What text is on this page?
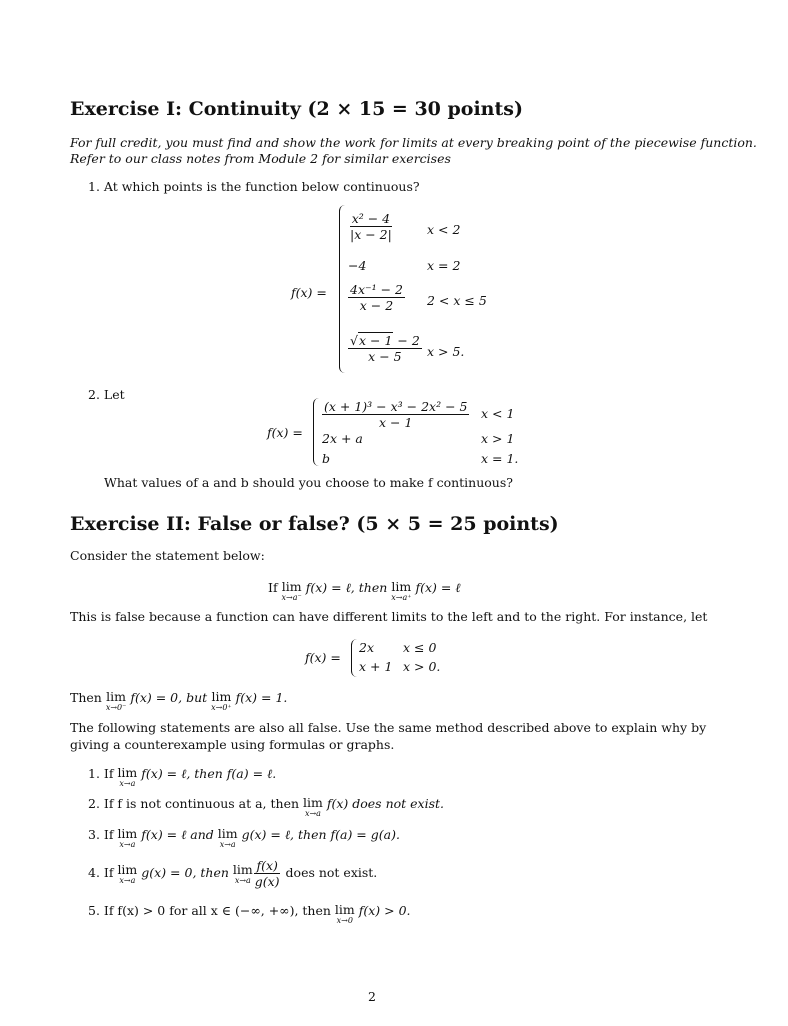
Exercise I: Continuity (2 × 15 = 30 points)
For full credit, you must find and show the work for limits at every breaking point of the piecewise function.
Refer to our class notes from Module 2 for similar exercises
1. At which points is the function below continuous?
f(x) =
$\frac{\text{x² − 4}}{|x - 2|}$	x < 2
−4	x = 2
$\frac{\text{4x⁻¹ − 2}}{x - 2} 2 < x \le 5$
$\frac{√x - 1 - 2}{x - 5}$ x > 5.
2. Let
f(x) =
$\frac{\text{(x + 1)³ − x³ − 2x² − 5}}{x - 1}$ x < 1
2x + a	x > 1
b	x = 1.
What values of a and b should you choose to make f continuous?
Exercise II: False or false? (5 × 5 = 25 points)
Consider the statement below:
If lim
x→a⁻
f(x) = ℓ, then lim
x→a⁺
f(x) = ℓ
This is false because a function can have different limits to the left and to the right. For instance, let
f(x) =
2x x ≤ 0
x + 1 x > 0.
Then lim
x→0⁻
f(x) = 0, but lim
x→0⁺
f(x) = 1.
The following statements are also all false. Use the same method described above to explain why by
giving a counterexample using formulas or graphs.
1. If lim
x→a
f(x) = ℓ, then f(a) = ℓ.
2. If f is not continuous at a, then lim
x→a
f(x) does not exist.
3. If lim
x→a
f(x) = ℓ and lim
x→a
g(x) = ℓ, then f(a) = g(a).
4. If lim
x→a g(x) = 0, then lim
$x\to a \frac{f(x)}{g(x)}$ does not exist.
5. If f(x) > 0 for all x ∈ (−∞, +∞), then lim
x→0
f(x) > 0.
2
